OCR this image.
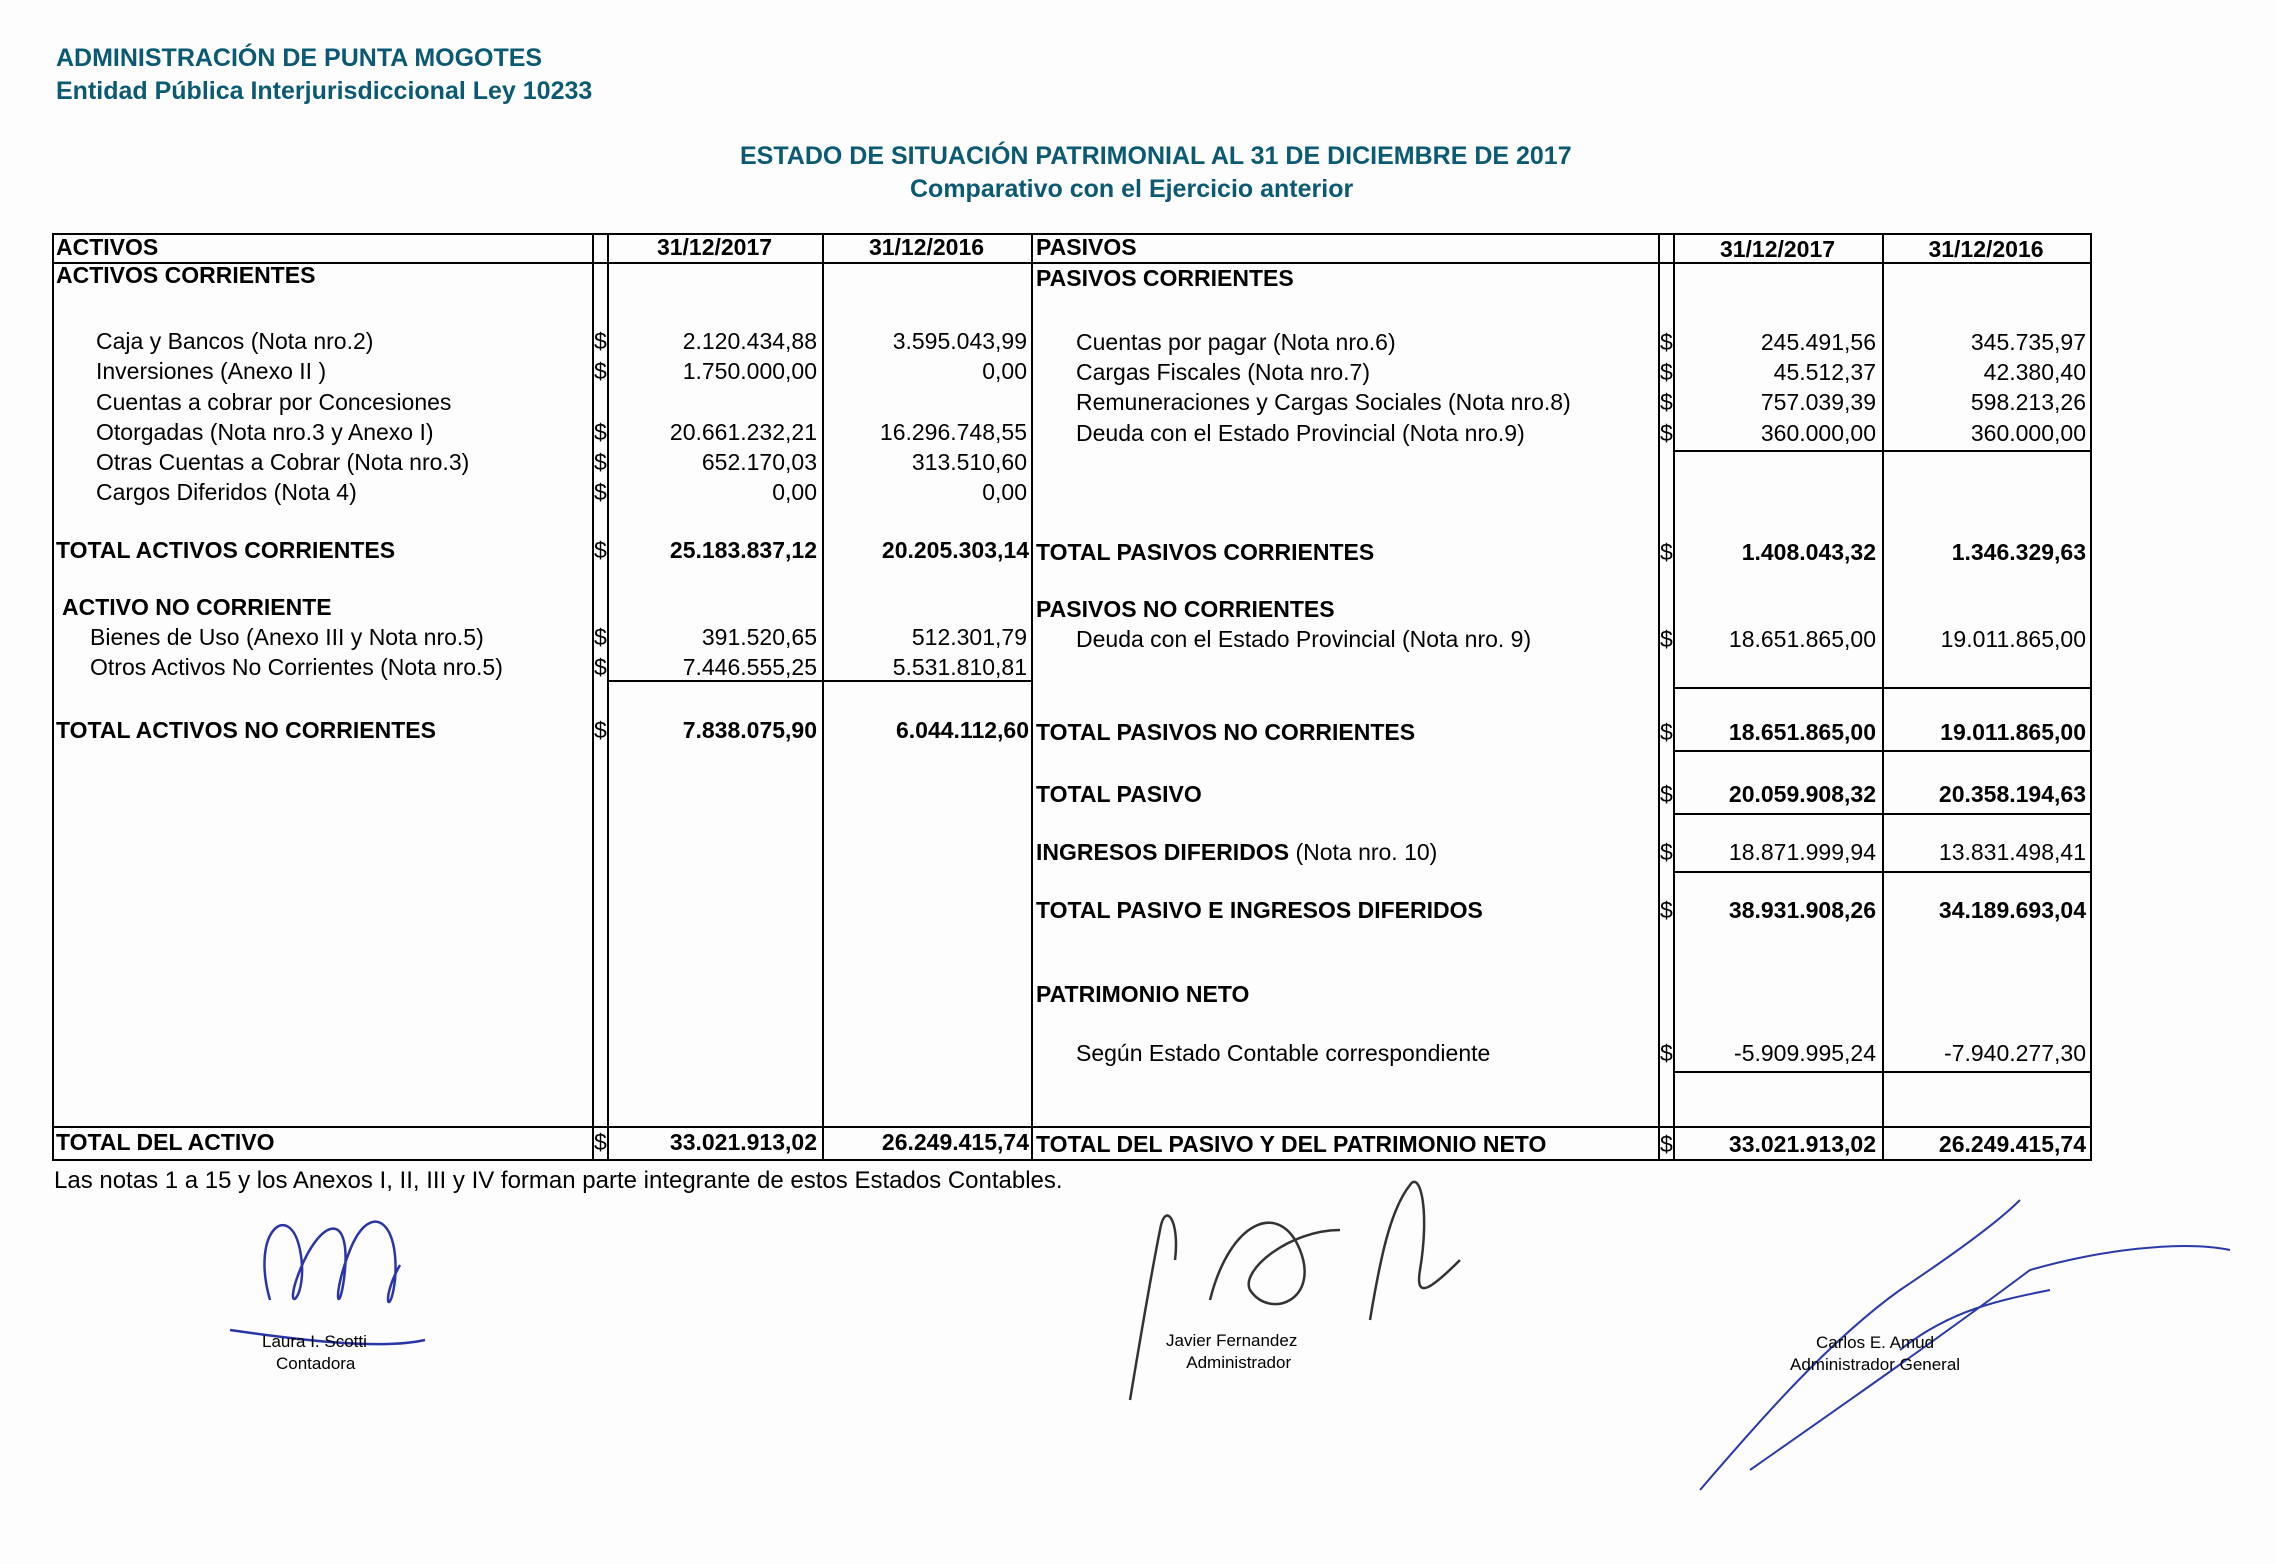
ADMINISTRACIÓN DE PUNTA MOGOTES
Entidad Pública Interjurisdiccional Ley 10233
ESTADO DE SITUACIÓN PATRIMONIAL AL 31 DE DICIEMBRE DE 2017
Comparativo con el Ejercicio anterior
ACTIVOS	31/12/2017	31/12/2016
ACTIVOS CORRIENTES
Caja y Bancos (Nota nro.2)	$	2.120.434,88	3.595.043,99
Inversiones (Anexo II )	$	1.750.000,00	0,00
Cuentas a cobrar por Concesiones
Otorgadas (Nota nro.3 y Anexo I)	$	20.661.232,21	16.296.748,55
Otras Cuentas a Cobrar (Nota nro.3)	$	652.170,03	313.510,60
Cargos Diferidos (Nota 4)	$	0,00	0,00
TOTAL ACTIVOS CORRIENTES	$	25.183.837,12	20.205.303,14
ACTIVO NO CORRIENTE
Bienes de Uso (Anexo III y Nota nro.5)	$	391.520,65	512.301,79
Otros Activos No Corrientes (Nota nro.5)	$	7.446.555,25	5.531.810,81
TOTAL ACTIVOS NO CORRIENTES	$	7.838.075,90	6.044.112,60
TOTAL DEL ACTIVO	$	33.021.913,02	26.249.415,74
PASIVOS	31/12/2017	31/12/2016
PASIVOS CORRIENTES
Cuentas por pagar (Nota nro.6)	$	245.491,56	345.735,97
Cargas Fiscales (Nota nro.7)	$	45.512,37	42.380,40
Remuneraciones y Cargas Sociales (Nota nro.8)	$	757.039,39	598.213,26
Deuda con el Estado Provincial (Nota nro.9)	$	360.000,00	360.000,00
TOTAL PASIVOS CORRIENTES	$	1.408.043,32	1.346.329,63
PASIVOS NO CORRIENTES
Deuda con el Estado Provincial (Nota nro. 9)	$	18.651.865,00	19.011.865,00
TOTAL PASIVOS NO CORRIENTES	$	18.651.865,00	19.011.865,00
TOTAL PASIVO	$	20.059.908,32	20.358.194,63
INGRESOS DIFERIDOS (Nota nro. 10)	$	18.871.999,94	13.831.498,41
TOTAL PASIVO E INGRESOS DIFERIDOS	$	38.931.908,26	34.189.693,04
PATRIMONIO NETO
Según Estado Contable correspondiente	$	-5.909.995,24	-7.940.277,30
TOTAL DEL PASIVO Y DEL PATRIMONIO NETO	$	33.021.913,02	26.249.415,74
Las notas 1 a 15 y los Anexos I, II, III y IV forman parte integrante de estos Estados Contables.
Laura I. Scotti
Contadora
Javier Fernandez
Administrador
Carlos E. Amud
Administrador General
